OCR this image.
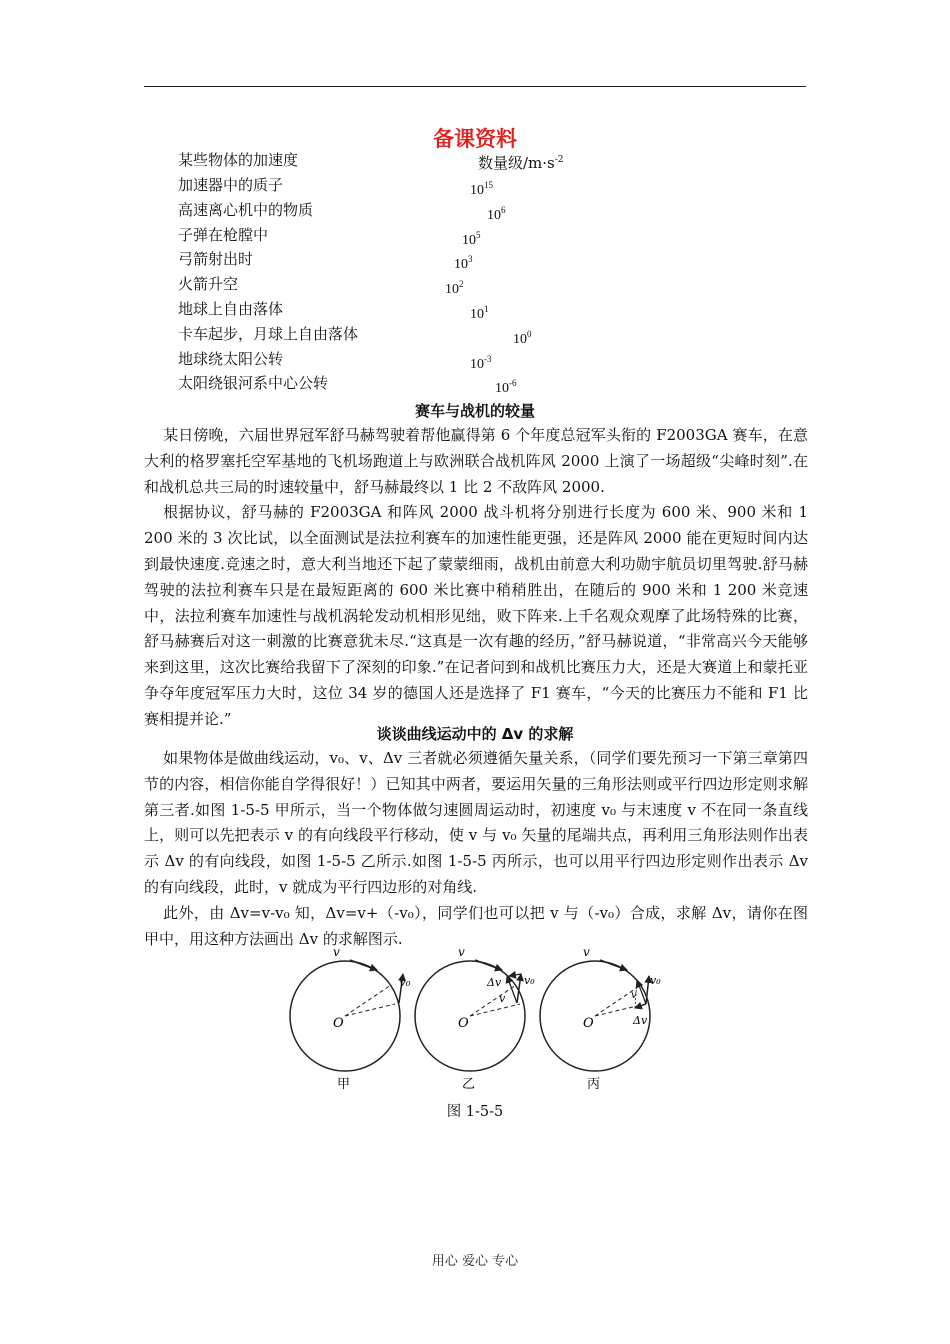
备课资料
某些物体的加速度	数量级$/m\cdot s^{-2}$
加速器中的质子	$10^{15}$
高速离心机中的物质	$10^6$
子弹在枪膛中	$10^5$
弓箭射出时	$10^3$
火箭升空	$10^2$
地球上自由落体	$10^1$
卡车起步，月球上自由落体	$10^0$
地球绕太阳公转	$10^{-3}$
太阳绕银河系中心公转	$10^{-6}$
赛车与战机的较量

某日傍晚，六届世界冠军舒马赫驾驶着帮他赢得第 6 个年度总冠军头衔的 F2003GA 赛车，在意大利的格罗塞托空军基地的飞机场跑道上与欧洲联合战机阵风 2000 上演了一场超级“尖峰时刻”.在和战机总共三局的时速较量中，舒马赫最终以 1 比 2 不敌阵风 2000.

根据协议，舒马赫的 F2003GA 和阵风 2000 战斗机将分别进行长度为 600 米、900 米和 1 200 米的 3 次比试，以全面测试是法拉利赛车的加速性能更强，还是阵风 2000 能在更短时间内达到最快速度.竞速之时，意大利当地还下起了蒙蒙细雨，战机由前意大利功勋宇航员切里驾驶.舒马赫驾驶的法拉利赛车只是在最短距离的 600 米比赛中稍稍胜出，在随后的 900 米和 1 200 米竞速中，法拉利赛车加速性与战机涡轮发动机相形见绌，败下阵来.上千名观众观摩了此场特殊的比赛，舒马赫赛后对这一刺激的比赛意犹未尽.“这真是一次有趣的经历，”舒马赫说道，“非常高兴今天能够来到这里，这次比赛给我留下了深刻的印象.”在记者问到和战机比赛压力大，还是大赛道上和蒙托亚争夺年度冠军压力大时，这位 34 岁的德国人还是选择了 F1 赛车，“今天的比赛压力不能和 F1 比赛相提并论.”

谈谈曲线运动中的 Δv 的求解

如果物体是做曲线运动，v₀、v、Δv 三者就必须遵循矢量关系，（同学们要先预习一下第三章第四节的内容，相信你能自学得很好！）已知其中两者，要运用矢量的三角形法则或平行四边形定则求解第三者.如图 1-5-5 甲所示，当一个物体做匀速圆周运动时，初速度 v₀ 与末速度 v 不在同一条直线上，则可以先把表示 v 的有向线段平行移动，使 v 与 v₀ 矢量的尾端共点，再利用三角形法则作出表示 Δv 的有向线段，如图 1-5-5 乙所示.如图 1-5-5 丙所示，也可以用平行四边形定则作出表示 Δv 的有向线段，此时，v 就成为平行四边形的对角线.

此外，由 Δv=v-v₀ 知，Δv=v+（-v₀），同学们也可以把 v 与（-v₀）合成，求解 Δv，请你在图甲中，用这种方法画出 Δv 的求解图示.

v
v₀
O
甲
v
v₀
Δv
v
O
乙
v
v₀
Δv
v
O
丙
图 1-5-5
用心 爱心 专心
